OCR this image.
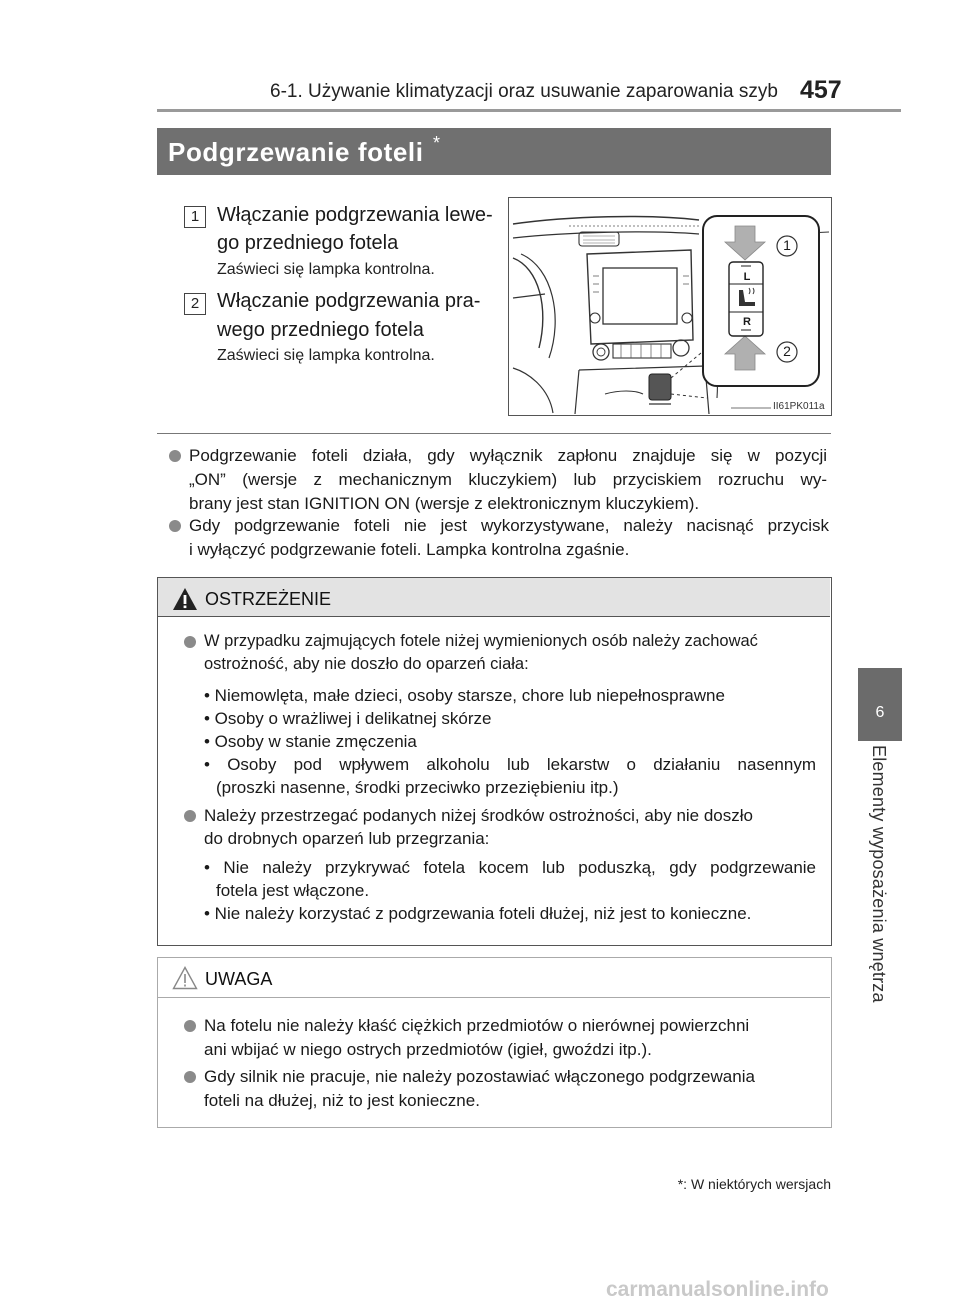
6-1. Używanie klimatyzacji oraz usuwanie zaparowania szyb 457
6
Elementy wyposażenia wnętrza
Podgrzewanie foteli *
1 Włączanie podgrzewania lewe-
go przedniego fotela
Zaświeci się lampka kontrolna.
2 Włączanie podgrzewania pra-
wego przedniego fotela
Zaświeci się lampka kontrolna.
L
R
1
2
II61PK011a
Podgrzewanie foteli działa, gdy wyłącznik zapłonu znajduje się w pozycji
„ON” (wersje z mechanicznym kluczykiem) lub przyciskiem rozruchu wy-
brany jest stan IGNITION ON (wersje z elektronicznym kluczykiem).
Gdy podgrzewanie foteli nie jest wykorzystywane, należy nacisnąć przycisk
i wyłączyć podgrzewanie foteli. Lampka kontrolna zgaśnie.
OSTRZEŻENIE
W przypadku zajmujących fotele niżej wymienionych osób należy zachować
ostrożność, aby nie doszło do oparzeń ciała:
• Niemowlęta, małe dzieci, osoby starsze, chore lub niepełnosprawne
• Osoby o wrażliwej i delikatnej skórze
• Osoby w stanie zmęczenia
• Osoby pod wpływem alkoholu lub lekarstw o działaniu nasennym
(proszki nasenne, środki przeciwko przeziębieniu itp.)
Należy przestrzegać podanych niżej środków ostrożności, aby nie doszło
do drobnych oparzeń lub przegrzania:
• Nie należy przykrywać fotela kocem lub poduszką, gdy podgrzewanie
fotela jest włączone.
• Nie należy korzystać z podgrzewania foteli dłużej, niż jest to konieczne.
UWAGA
Na fotelu nie należy kłaść ciężkich przedmiotów o nierównej powierzchni
ani wbijać w niego ostrych przedmiotów (igieł, gwoździ itp.).
Gdy silnik nie pracuje, nie należy pozostawiać włączonego podgrzewania
foteli na dłużej, niż to jest konieczne.
*: W niektórych wersjach
carmanualsonline.info
